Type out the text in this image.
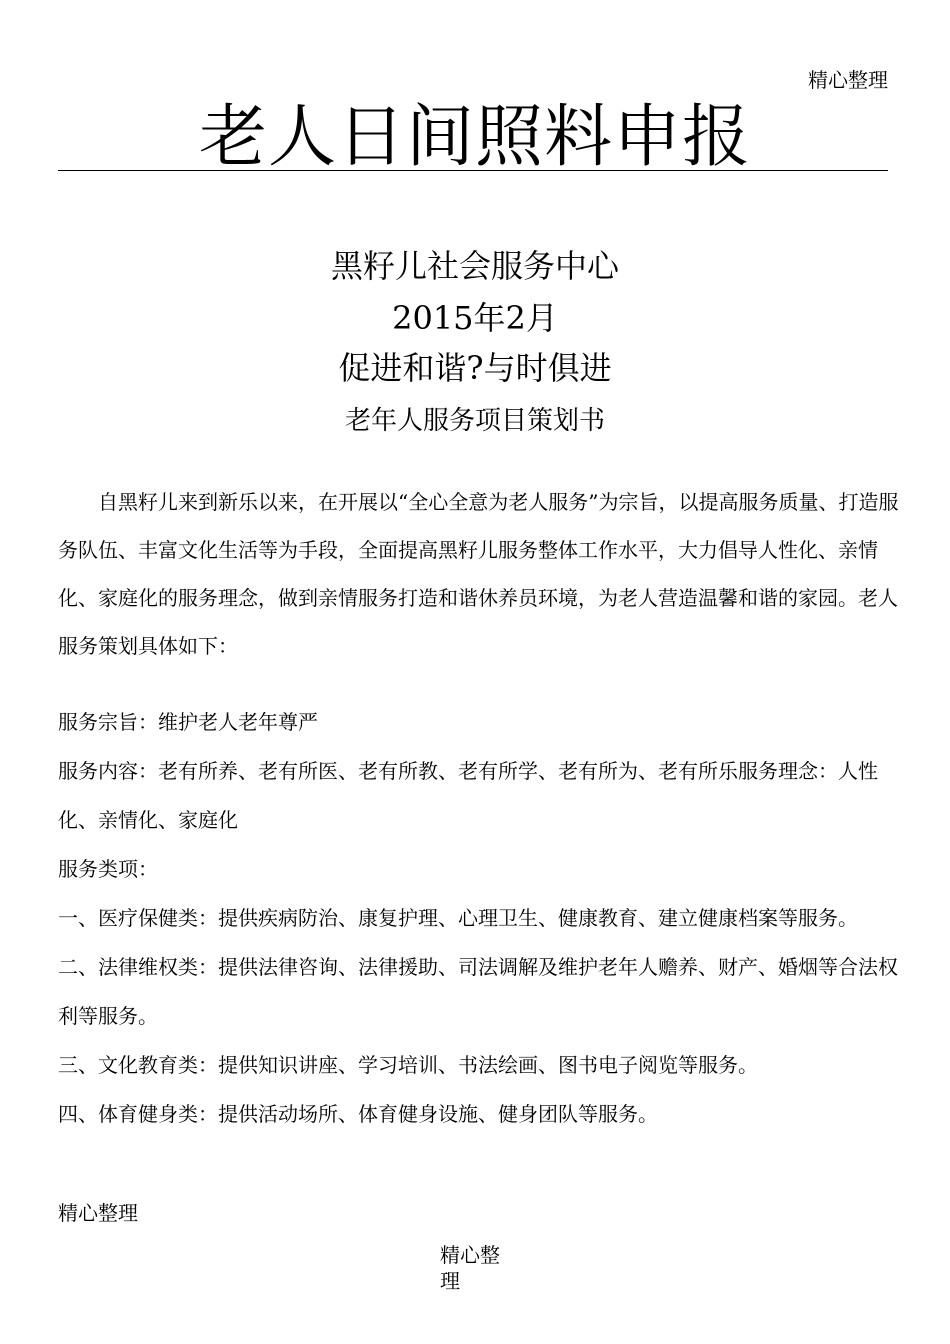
精心整理
老人日间照料申报
黑籽儿社会服务中心
2015年2月
促进和谐?与时俱进
老年人服务项目策划书

自黑籽儿来到新乐以来，在开展以“全心全意为老人服务”为宗旨，以提高服务质量、打造服务队伍、丰富文化生活等为手段，全面提高黑籽儿服务整体工作水平，大力倡导人性化、亲情化、家庭化的服务理念，做到亲情服务打造和谐休养员环境，为老人营造温馨和谐的家园。老人服务策划具体如下：

服务宗旨：维护老人老年尊严

服务内容：老有所养、老有所医、老有所教、老有所学、老有所为、老有所乐服务理念：人性化、亲情化、家庭化

服务类项：

一、医疗保健类：提供疾病防治、康复护理、心理卫生、健康教育、建立健康档案等服务。

二、法律维权类：提供法律咨询、法律援助、司法调解及维护老年人赡养、财产、婚烟等合法权利等服务。

三、文化教育类：提供知识讲座、学习培训、书法绘画、图书电子阅览等服务。

四、体育健身类：提供活动场所、体育健身设施、健身团队等服务。

精心整理
精心整理
